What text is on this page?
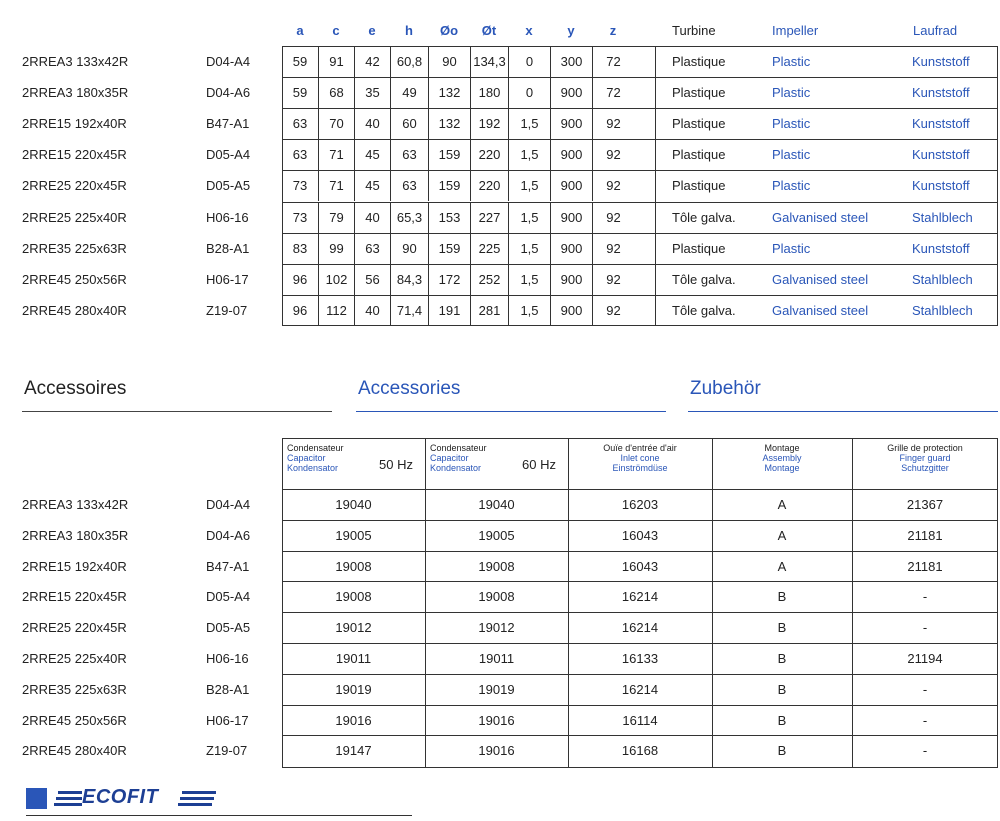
a	c	e	h	Øo	Øt	x	y	z	Turbine	Impeller	Laufrad
2RREA3 133x42R	D04-A4	59	91	42	60,8	90	134,3	0	300	72	Plastique	Plastic	Kunststoff
2RREA3 180x35R	D04-A6	59	68	35	49	132	180	0	900	72	Plastique	Plastic	Kunststoff
2RRE15 192x40R	B47-A1	63	70	40	60	132	192	1,5	900	92	Plastique	Plastic	Kunststoff
2RRE15 220x45R	D05-A4	63	71	45	63	159	220	1,5	900	92	Plastique	Plastic	Kunststoff
2RRE25 220x45R	D05-A5	73	71	45	63	159	220	1,5	900	92	Plastique	Plastic	Kunststoff
2RRE25 225x40R	H06-16	73	79	40	65,3	153	227	1,5	900	92	Tôle galva.	Galvanised steel	Stahlblech
2RRE35 225x63R	B28-A1	83	99	63	90	159	225	1,5	900	92	Plastique	Plastic	Kunststoff
2RRE45 250x56R	H06-17	96	102	56	84,3	172	252	1,5	900	92	Tôle galva.	Galvanised steel	Stahlblech
2RRE45 280x40R	Z19-07	96	112	40	71,4	191	281	1,5	900	92	Tôle galva.	Galvanised steel	Stahlblech
Accessoires	Accessories	Zubehör
Condensateur
Capacitor
Kondensator	50 Hz
Condensateur
Capacitor
Kondensator	60 Hz
Ouïe d'entrée d'air
Inlet cone
Einströmdüse
Montage
Assembly
Montage
Grille de protection
Finger guard
Schutzgitter
2RREA3 133x42R	D04-A4	19040	19040	16203	A	21367
2RREA3 180x35R	D04-A6	19005	19005	16043	A	21181
2RRE15 192x40R	B47-A1	19008	19008	16043	A	21181
2RRE15 220x45R	D05-A4	19008	19008	16214	B	-
2RRE25 220x45R	D05-A5	19012	19012	16214	B	-
2RRE25 225x40R	H06-16	19011	19011	16133	B	21194
2RRE35 225x63R	B28-A1	19019	19019	16214	B	-
2RRE45 250x56R	H06-17	19016	19016	16114	B	-
2RRE45 280x40R	Z19-07	19147	19016	16168	B	-
ECOFIT
